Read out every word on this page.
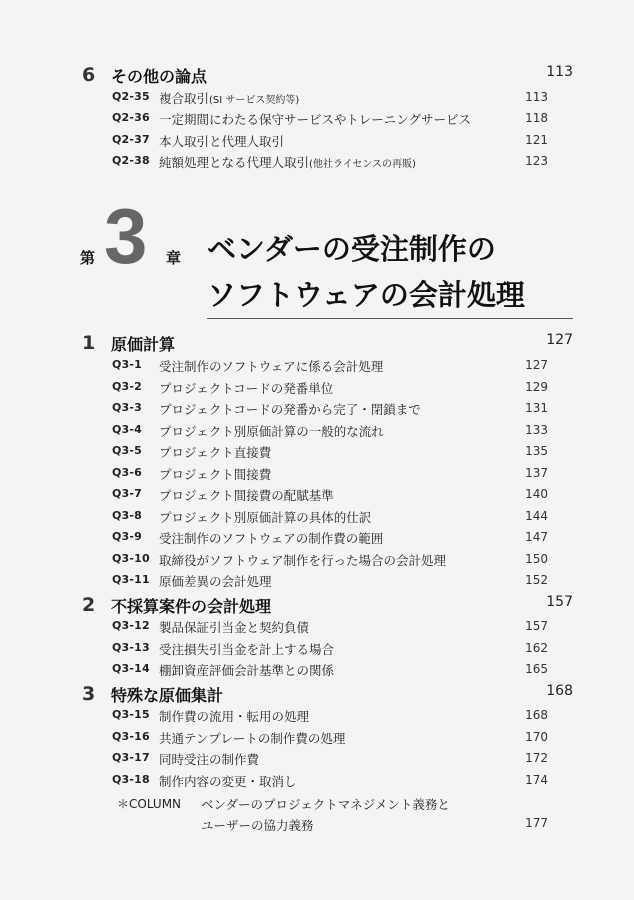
6 その他の論点	113
Q2-35 複合取引(SI サービス契約等)	113
Q2-36 一定期間にわたる保守サービスやトレーニングサービス	118
Q2-37 本人取引と代理人取引	121
Q2-38 純額処理となる代理人取引(他社ライセンスの再販)	123
第 3 章 ベンダーの受注制作の
ソフトウェアの会計処理
1 原価計算	127
Q3-1 受注制作のソフトウェアに係る会計処理	127
Q3-2 プロジェクトコードの発番単位	129
Q3-3 プロジェクトコードの発番から完了・閉鎖まで	131
Q3-4 プロジェクト別原価計算の一般的な流れ	133
Q3-5 プロジェクト直接費	135
Q3-6 プロジェクト間接費	137
Q3-7 プロジェクト間接費の配賦基準	140
Q3-8 プロジェクト別原価計算の具体的仕訳	144
Q3-9 受注制作のソフトウェアの制作費の範囲	147
Q3-10 取締役がソフトウェア制作を行った場合の会計処理	150
Q3-11 原価差異の会計処理	152
2 不採算案件の会計処理	157
Q3-12 製品保証引当金と契約負債	157
Q3-13 受注損失引当金を計上する場合	162
Q3-14 棚卸資産評価会計基準との関係	165
3 特殊な原価集計	168
Q3-15 制作費の流用・転用の処理	168
Q3-16 共通テンプレートの制作費の処理	170
Q3-17 同時受注の制作費	172
Q3-18 制作内容の変更・取消し	174
＊COLUMN ベンダーのプロジェクトマネジメント義務と
ユーザーの協力義務	177
